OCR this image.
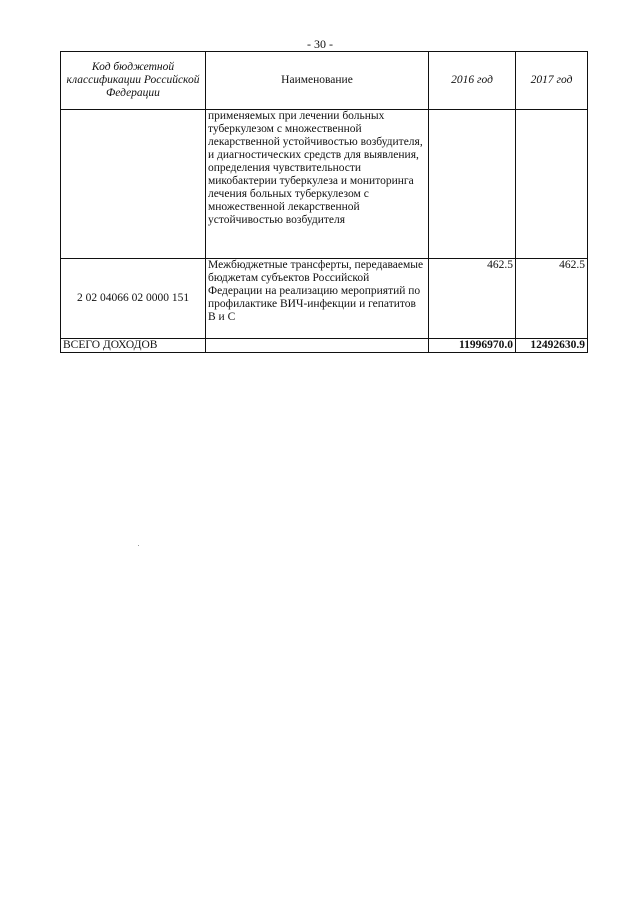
- 30 -
Код бюджетной классификации Российской Федерации	Наименование	2016 год	2017 год
	применяемых при лечении больных туберкулезом с множественной лекарственной устойчивостью возбудителя, и диагностических средств для выявления, определения чувствительности микобактерии туберкулеза и мониторинга лечения больных туберкулезом с множественной лекарственной устойчивостью возбудителя		
2 02 04066 02 0000 151	Межбюджетные трансферты, передаваемые бюджетам субъектов Российской Федерации на реализацию мероприятий по профилактике ВИЧ-инфекции и гепатитов В и С	462.5	462.5
ВСЕГО ДОХОДОВ		11996970.0	12492630.9
